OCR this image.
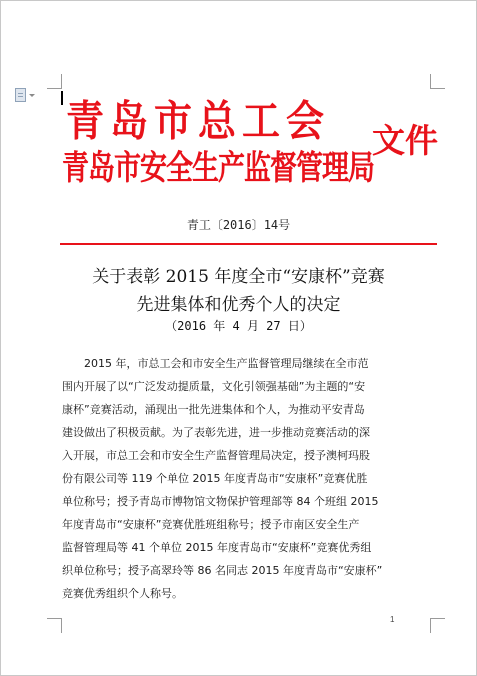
青岛市总工会
青岛市安全生产监督管理局
文件
青工〔2016〕14号
关于表彰 2015 年度全市“安康杯”竞赛
先进集体和优秀个人的决定
（2016 年 4 月 27 日）
　　2015 年，市总工会和市安全生产监督管理局继续在全市范
围内开展了以“广泛发动提质量，文化引领强基础”为主题的“安
康杯”竞赛活动，涌现出一批先进集体和个人，为推动平安青岛
建设做出了积极贡献。为了表彰先进，进一步推动竞赛活动的深
入开展，市总工会和市安全生产监督管理局决定，授予澳柯玛股
份有限公司等 119 个单位 2015 年度青岛市“安康杯”竞赛优胜
单位称号；授予青岛市博物馆文物保护管理部等 84 个班组 2015
年度青岛市“安康杯”竞赛优胜班组称号；授予市南区安全生产
监督管理局等 41 个单位 2015 年度青岛市“安康杯”竞赛优秀组
织单位称号；授予高翠玲等 86 名同志 2015 年度青岛市“安康杯”
竞赛优秀组织个人称号。
1
